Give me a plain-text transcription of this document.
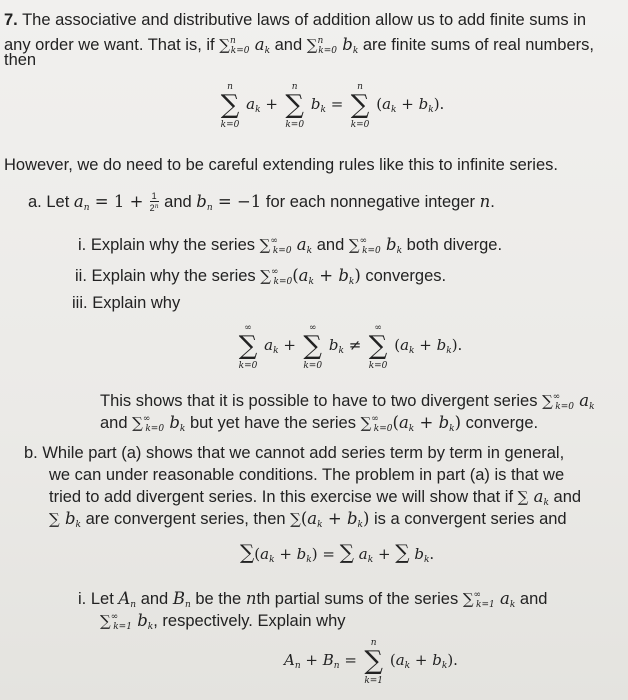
7. The associative and distributive laws of addition allow us to add finite sums in
any order we want. That is, if ∑$^n_{k=0}$ $a_k$ and ∑$^n_{k=0}$ $b_k$ are finite sums of real numbers,
then
n
∑
k=0
$a_k$ +
n
∑
k=0
$b_k$ =
n
∑
k=0
$(a_k + b_k)$.
However, we do need to be careful extending rules like this to infinite series.
a. Let $a_n = 1 + \frac{1}{2^n}$ and $b_n = -1$ for each nonnegative integer n.
i. Explain why the series $\sum^\infty_{k=0}$ $a_k$ and $\sum^\infty_{k=0}$ $b_k$ both diverge.
ii. Explain why the series $\sum^\infty_{k=0}(a_k + b_k)$ converges.
iii. Explain why
∞
∑
k=0
$a_k$ +
∞
∑
k=0
$b_k$ ≠
∞
∑
k=0
$(a_k + b_k)$.
This shows that it is possible to have to two divergent series $\sum^\infty_{k=0}$ $a_k$
and $\sum^\infty_{k=0}$ $b_k$ but yet have the series $\sum^\infty_{k=0}(a_k + b_k)$ converge.
b. While part (a) shows that we cannot add series term by term in general,
we can under reasonable conditions. The problem in part (a) is that we
tried to add divergent series. In this exercise we will show that if ∑ $a_k$ and
∑ $b_k$ are convergent series, then $\sum(a_k + b_k)$ is a convergent series and
$\sum(a_k + b_k)$ = ∑ $a_k$ + ∑ $b_k$.
i. Let $A_n$ and $B_n$ be the nth partial sums of the series $\sum^\infty_{k=1}$ $a_k$ and
$\sum^\infty_{k=1}$ $b_k$, respectively. Explain why
$A_n + B_n$ =
n
∑
k=1
$(a_k + b_k)$.
